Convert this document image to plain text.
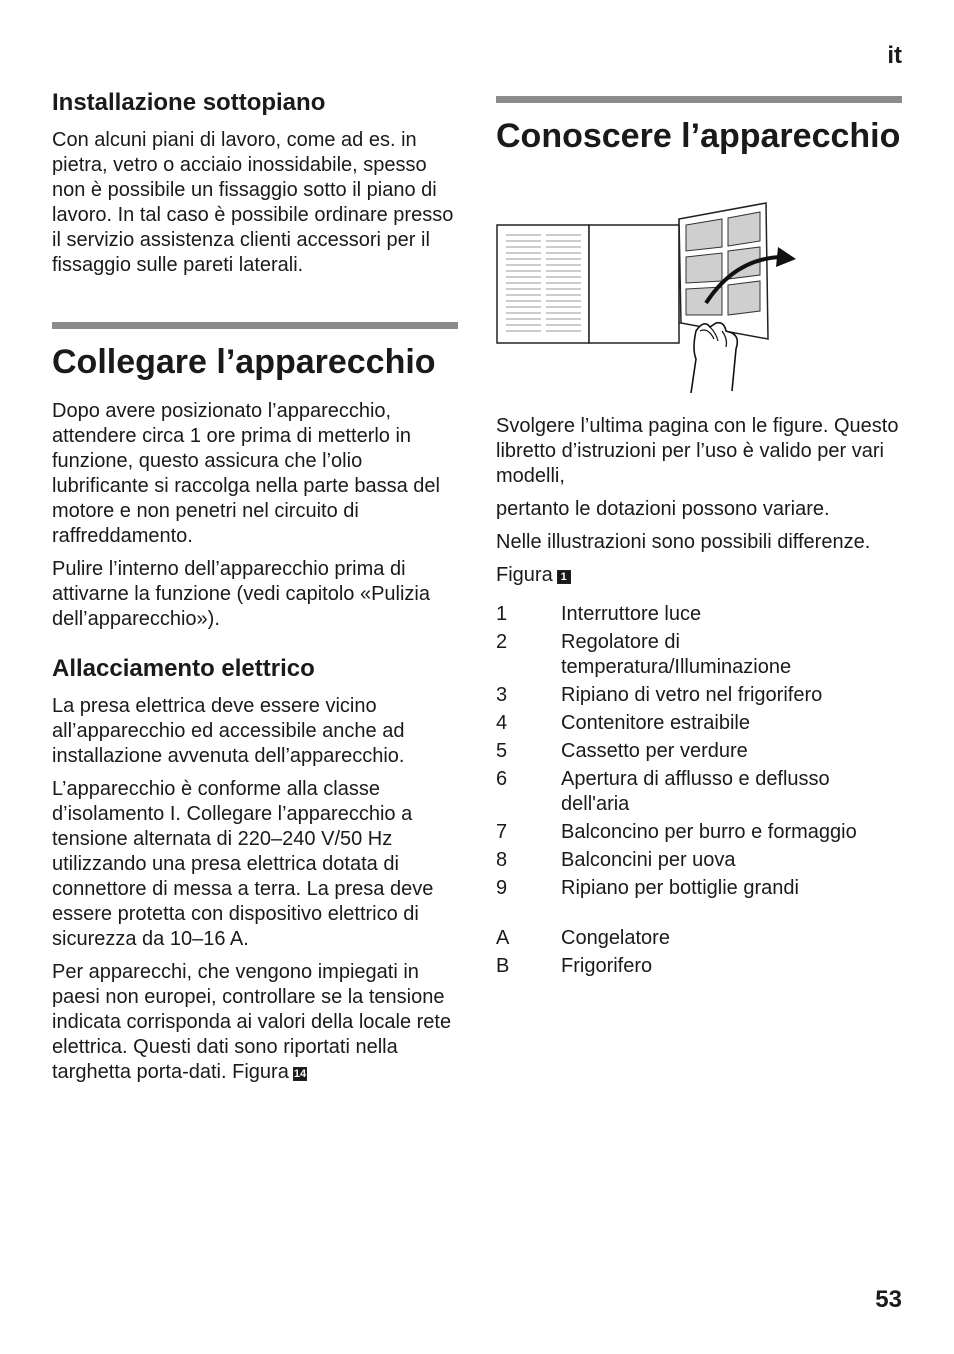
it
Installazione sottopiano

Con alcuni piani di lavoro, come ad es. in pietra, vetro o acciaio inossidabile, spesso non è possibile un fissaggio sotto il piano di lavoro. In tal caso è possibile ordinare presso il servizio assistenza clienti accessori per il fissaggio sulle pareti laterali.

Collegare l’apparecchio

Dopo avere posizionato l’apparecchio, attendere circa 1 ore prima di metterlo in funzione, questo assicura che l’olio lubrificante si raccolga nella parte bassa del motore e non penetri nel circuito di raffreddamento.

Pulire l’interno dell’apparecchio prima di attivarne la funzione (vedi capitolo «Pulizia dell’apparecchio»).

Allacciamento elettrico

La presa elettrica deve essere vicino all’apparecchio ed accessibile anche ad installazione avvenuta dell’apparecchio.

L’apparecchio è conforme alla classe d’isolamento I. Collegare l’apparecchio a tensione alternata di 220–240 V/50 Hz utilizzando una presa elettrica dotata di connettore di messa a terra. La presa deve essere protetta con dispositivo elettrico di sicurezza da 10–16 A.

Per apparecchi, che vengono impiegati in paesi non europei, controllare se la tensione indicata corrisponda ai valori della locale rete elettrica. Questi dati sono riportati nella targhetta porta-dati. Figura 14

Conoscere l’apparecchio

Svolgere l’ultima pagina con le figure. Questo libretto d’istruzioni per l’uso è valido per vari modelli,

pertanto le dotazioni possono variare.

Nelle illustrazioni sono possibili differenze.

Figura 1

1	Interruttore luce
2	Regolatore di temperatura/Illuminazione
3	Ripiano di vetro nel frigorifero
4	Contenitore estraibile
5	Cassetto per verdure
6	Apertura di afflusso e deflusso dell'aria
7	Balconcino per burro e formaggio
8	Balconcini per uova
9	Ripiano per bottiglie grandi
A	Congelatore
B	Frigorifero
53
